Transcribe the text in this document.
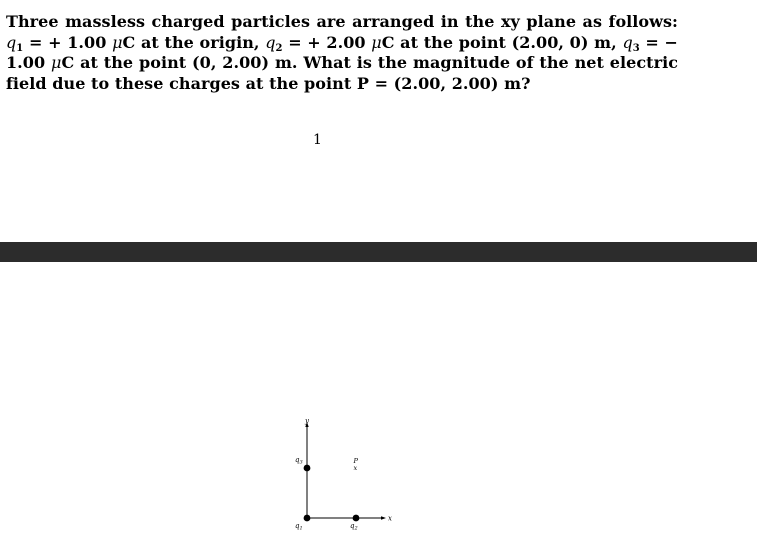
Three massless charged particles are arranged in the xy plane as follows: $q_1$ = + 1.00 μC at the origin, $q_2$ = + 2.00 μC at the point (2.00, 0) m, $q_3$ = − 1.00 μC at the point (0, 2.00) m. What is the magnitude of the net electric field due to these charges at the point P = (2.00, 2.00) m?

1
y
x
$q_1$	$q_2$
$q_3$	P
x
